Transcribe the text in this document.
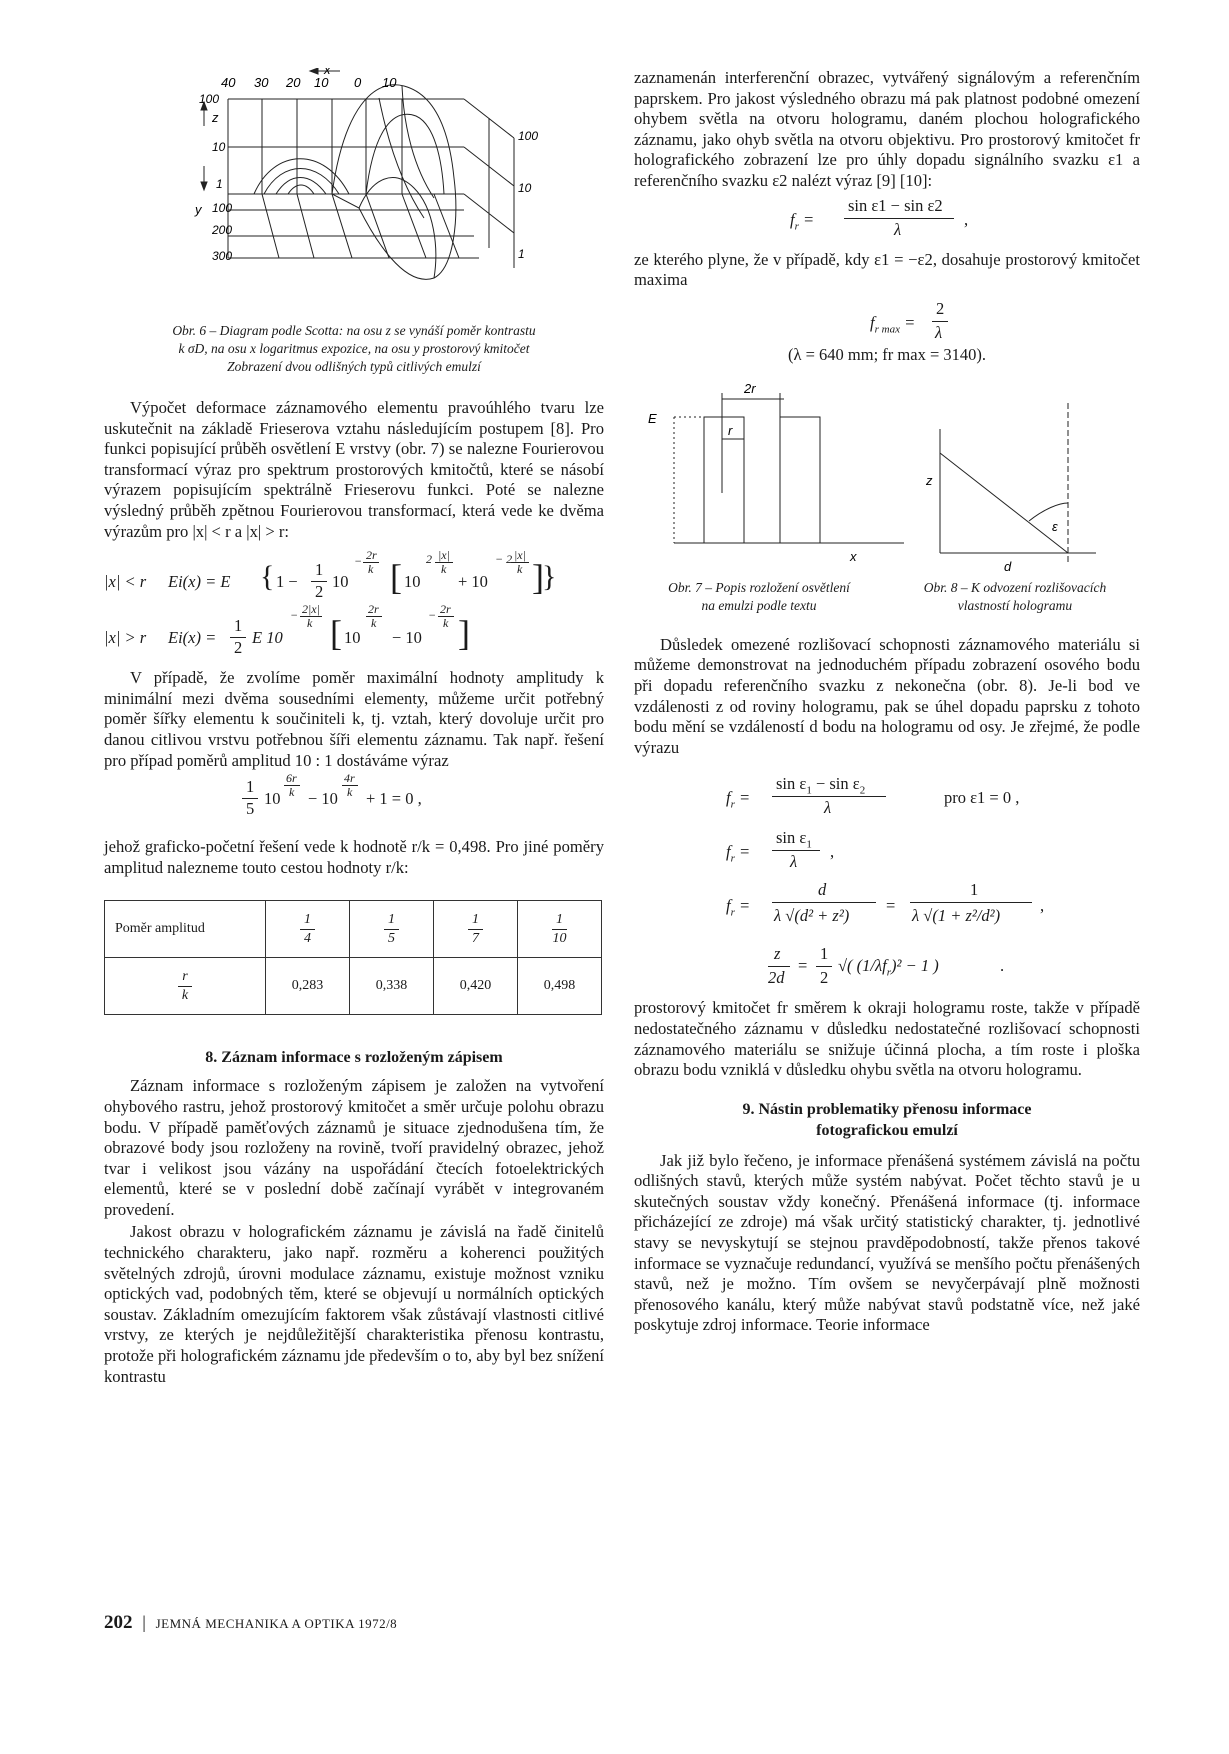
40 30 20 10 0 10
x
100
z
10
1
100
y
200
300
100
10
1

Obr. 6 – Diagram podle Scotta: na osu z se vynáší poměr kontrastu

k σD, na osu x logaritmus expozice, na osu y prostorový kmitočet

Zobrazení dvou odlišných typů citlivých emulzí

Výpočet deformace záznamového elementu pravoúhlého tvaru lze uskutečnit na základě Frieserova vztahu následujícím postupem [8]. Pro funkci popisující průběh osvětlení E vrstvy (obr. 7) se nalezne Fourierovou transformací výraz pro spektrum prostorových kmitočtů, které se násobí výrazem popisujícím spektrálně Frieserovu funkci. Poté se nalezne výsledný průběh zpětnou Fourierovou transformací, která vede ke dvěma výrazům pro |x| < r a |x| > r:

|x| < r Ei(x) = E { 1 −
1
2
10
− 2r
k [ 10
2 |x|
k
+ 10
− 2 |x|
k ]
}
|x| > r Ei(x) =
1
2
E 10
− 2|x|
k [ 10
2r
k
− 10
− 2r
k ]

V případě, že zvolíme poměr maximální hodnoty amplitudy k minimální mezi dvěma sousedními elementy, můžeme určit potřebný poměr šířky elementu k součiniteli k, tj. vztah, který dovoluje určit pro danou citlivou vrstvu potřebnou šíři elementu záznamu. Tak např. řešení pro případ poměrů amplitud 10 : 1 dostáváme výraz

1
5
10
6r
k − 10
4r
k + 1 = 0 ,

jehož graficko-početní řešení vede k hodnotě r/k = 0,498. Pro jiné poměry amplitud nalezneme touto cestou hodnoty r/k:

Poměr amplitud	$\frac{1}{4}$	$\frac{1}{5}$	$\frac{1}{7}$	$\frac{1}{10}$

$\frac{r}{k}$	0,283	0,338	0,420	0,498
8. Záznam informace s rozloženým zápisem

Záznam informace s rozloženým zápisem je založen na vytvoření ohybového rastru, jehož prostorový kmitočet a směr určuje polohu obrazu bodu. V případě paměťových záznamů je situace zjednodušena tím, že obrazové body jsou rozloženy na rovině, tvoří pravidelný obrazec, jehož tvar i velikost jsou vázány na uspořádání čtecích fotoelektrických elementů, které se v poslední době začínají vyrábět v integrovaném provedení.

Jakost obrazu v holografickém záznamu je závislá na řadě činitelů technického charakteru, jako např. rozměru a koherenci použitých světelných zdrojů, úrovni modulace záznamu, existuje možnost vzniku optických vad, podobných těm, které se objevují u normálních optických soustav. Základním omezujícím faktorem však zůstávají vlastnosti citlivé vrstvy, ze kterých je nejdůležitější charakteristika přenosu kontrastu, protože při holografickém záznamu jde především o to, aby byl bez snížení kontrastu

zaznamenán interferenční obrazec, vytvářený signálovým a referenčním paprskem. Pro jakost výsledného obrazu má pak platnost podobné omezení ohybem světla na otvoru hologramu, daném plochou holografického záznamu, jako ohyb světla na otvoru objektivu. Pro prostorový kmitočet fr holografického zobrazení lze pro úhly dopadu signálního svazku ε1 a referenčního svazku ε2 nalézt výraz [9] [10]:

$f_r$ =
sin ε1 − sin ε2
λ
,

ze kterého plyne, že v případě, kdy ε1 = −ε2, dosahuje prostorový kmitočet maxima

$f_{r max}$ =
2
λ
(λ = 640 mm; fr max = 3140).
E
2r
r
x
z
ε
d

Obr. 7 – Popis rozložení osvětlení

na emulzi podle textu

Obr. 8 – K odvození rozlišovacích

vlastností hologramu

Důsledek omezené rozlišovací schopnosti záznamového materiálu si můžeme demonstrovat na jednoduchém případu zobrazení osového bodu při dopadu referenčního svazku z nekonečna (obr. 8). Je-li bod ve vzdálenosti z od roviny hologramu, pak se úhel dopadu paprsku z tohoto bodu mění se vzdáleností d bodu na hologramu od osy. Je zřejmé, že podle výrazu

$f_r$ =
$\sin \varepsilon_1 - \sin \varepsilon_2$
λ
pro ε1 = 0 ,
$f_r$ =
$\sin \varepsilon_1$
λ
,
$f_r$ =
d
λ √(d² + z²)
=
1
λ √(1 + z²/d²)
,
z
2d
=
1
2
√( $(1/\lambda f_r)^2 - 1$ )	.

prostorový kmitočet fr směrem k okraji hologramu roste, takže v případě nedostatečného záznamu v důsledku nedostatečné rozlišovací schopnosti záznamového materiálu se snižuje účinná plocha, a tím roste i ploška obrazu bodu vzniklá v důsledku ohybu světla na otvoru hologramu.

9. Nástin problematiky přenosu informace
fotografickou emulzí

Jak již bylo řečeno, je informace přenášená systémem závislá na počtu odlišných stavů, kterých může systém nabývat. Počet těchto stavů je u skutečných soustav vždy konečný. Přenášená informace (tj. informace přicházející ze zdroje) má však určitý statistický charakter, tj. jednotlivé stavy se nevyskytují se stejnou pravděpodobností, takže přenos takové informace se vyznačuje redundancí, využívá se menšího počtu přenášených stavů, než je možno. Tím ovšem se nevyčerpávají plně možnosti přenosového kanálu, který může nabývat stavů podstatně více, než jaké poskytuje zdroj informace. Teorie informace

202 | JEMNÁ MECHANIKA A OPTIKA 1972/8
